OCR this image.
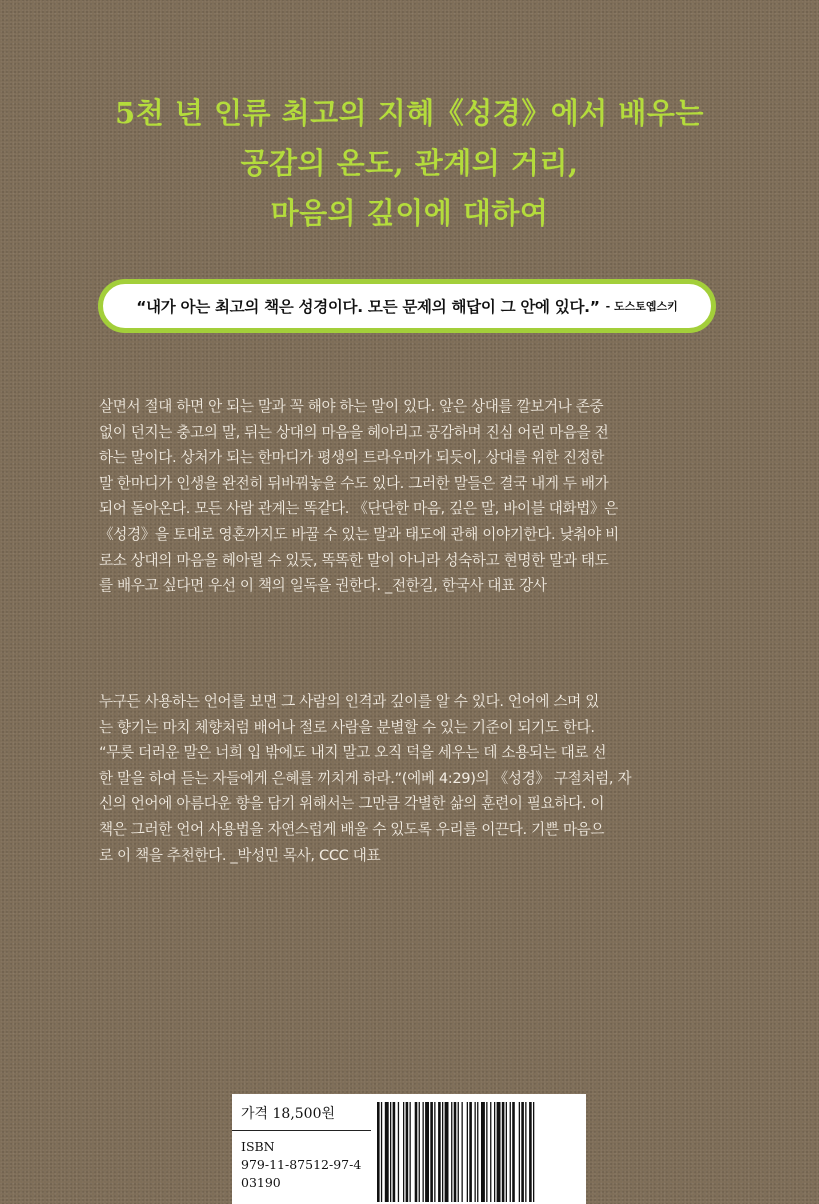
5천 년 인류 최고의 지혜《성경》에서 배우는
공감의 온도, 관계의 거리,
마음의 깊이에 대하여
“내가 아는 최고의 책은 성경이다. 모든 문제의 해답이 그 안에 있다.” - 도스토옙스키
살면서 절대 하면 안 되는 말과 꼭 해야 하는 말이 있다. 앞은 상대를 깔보거나 존중
없이 던지는 충고의 말, 뒤는 상대의 마음을 헤아리고 공감하며 진심 어린 마음을 전
하는 말이다. 상처가 되는 한마디가 평생의 트라우마가 되듯이, 상대를 위한 진정한
말 한마디가 인생을 완전히 뒤바꿔놓을 수도 있다. 그러한 말들은 결국 내게 두 배가
되어 돌아온다. 모든 사람 관계는 똑같다. 《단단한 마음, 깊은 말, 바이블 대화법》은
《성경》을 토대로 영혼까지도 바꿀 수 있는 말과 태도에 관해 이야기한다. 낮춰야 비
로소 상대의 마음을 헤아릴 수 있듯, 똑똑한 말이 아니라 성숙하고 현명한 말과 태도
를 배우고 싶다면 우선 이 책의 일독을 권한다. _전한길, 한국사 대표 강사
누구든 사용하는 언어를 보면 그 사람의 인격과 깊이를 알 수 있다. 언어에 스며 있
는 향기는 마치 체향처럼 배어나 절로 사람을 분별할 수 있는 기준이 되기도 한다.
“무릇 더러운 말은 너희 입 밖에도 내지 말고 오직 덕을 세우는 데 소용되는 대로 선
한 말을 하여 듣는 자들에게 은혜를 끼치게 하라.”(에베 4:29)의 《성경》 구절처럼, 자
신의 언어에 아름다운 향을 담기 위해서는 그만큼 각별한 삶의 훈련이 필요하다. 이
책은 그러한 언어 사용법을 자연스럽게 배울 수 있도록 우리를 이끈다. 기쁜 마음으
로 이 책을 추천한다. _박성민 목사, CCC 대표
가격 18,500원
ISBN
979-11-87512-97-4
03190
